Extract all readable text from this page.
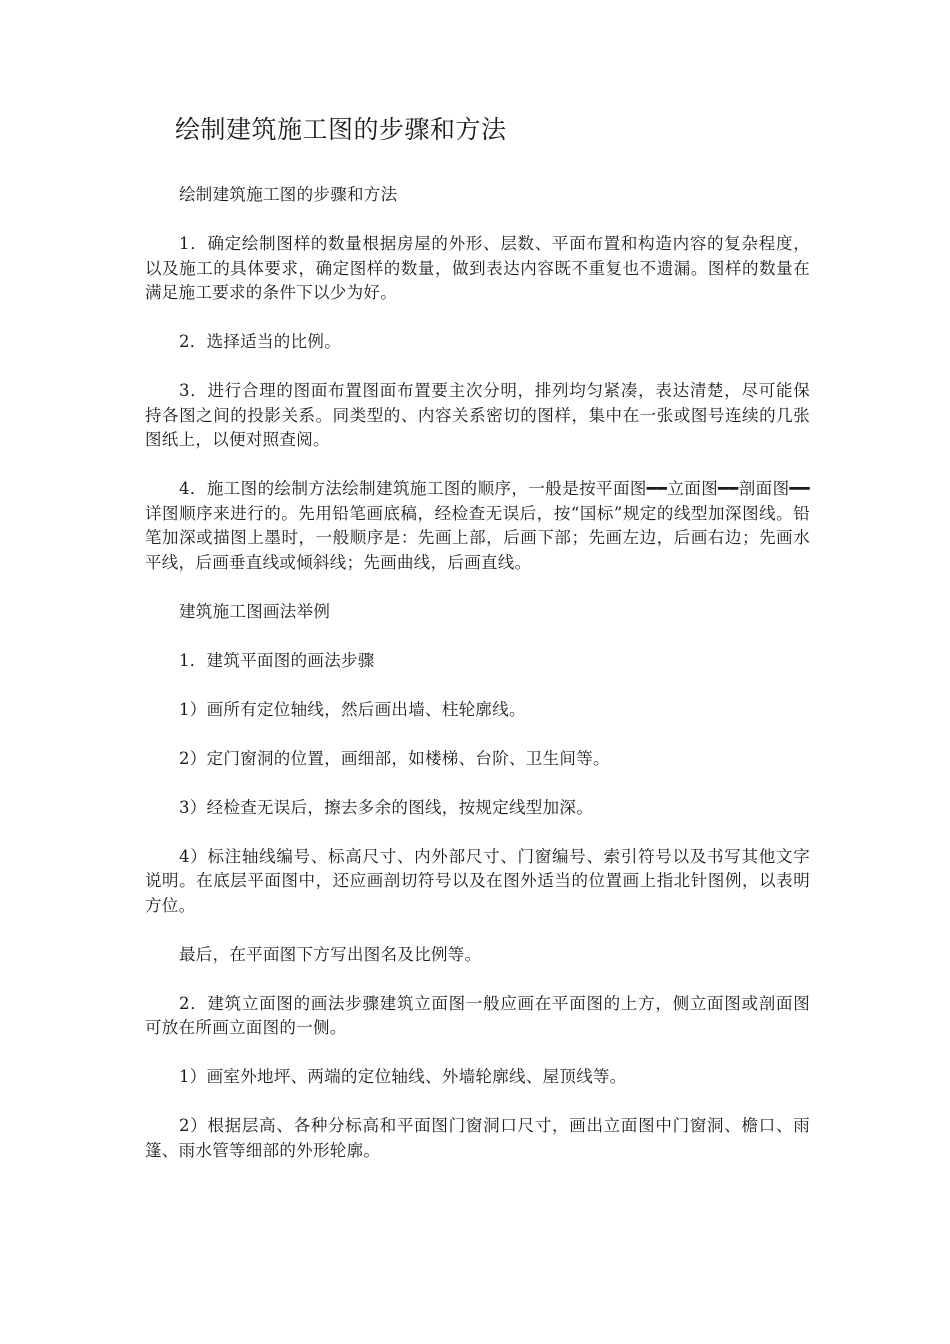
绘制建筑施工图的步骤和方法

绘制建筑施工图的步骤和方法

1．确定绘制图样的数量根据房屋的外形、层数、平面布置和构造内容的复杂程度，以及施工的具体要求，确定图样的数量，做到表达内容既不重复也不遗漏。图样的数量在满足施工要求的条件下以少为好。

2．选择适当的比例。

3．进行合理的图面布置图面布置要主次分明，排列均匀紧凑，表达清楚，尽可能保持各图之间的投影关系。同类型的、内容关系密切的图样，集中在一张或图号连续的几张图纸上，以便对照查阅。

4．施工图的绘制方法绘制建筑施工图的顺序，一般是按平面图━━立面图━━剖面图━━详图顺序来进行的。先用铅笔画底稿，经检查无误后，按“国标”规定的线型加深图线。铅笔加深或描图上墨时，一般顺序是：先画上部，后画下部；先画左边，后画右边；先画水平线，后画垂直线或倾斜线；先画曲线，后画直线。

建筑施工图画法举例

1．建筑平面图的画法步骤

1）画所有定位轴线，然后画出墙、柱轮廓线。

2）定门窗洞的位置，画细部，如楼梯、台阶、卫生间等。

3）经检查无误后，擦去多余的图线，按规定线型加深。

4）标注轴线编号、标高尺寸、内外部尺寸、门窗编号、索引符号以及书写其他文字说明。在底层平面图中，还应画剖切符号以及在图外适当的位置画上指北针图例，以表明方位。

最后，在平面图下方写出图名及比例等。

2．建筑立面图的画法步骤建筑立面图一般应画在平面图的上方，侧立面图或剖面图可放在所画立面图的一侧。

1）画室外地坪、两端的定位轴线、外墙轮廓线、屋顶线等。

2）根据层高、各种分标高和平面图门窗洞口尺寸，画出立面图中门窗洞、檐口、雨篷、雨水管等细部的外形轮廓。
